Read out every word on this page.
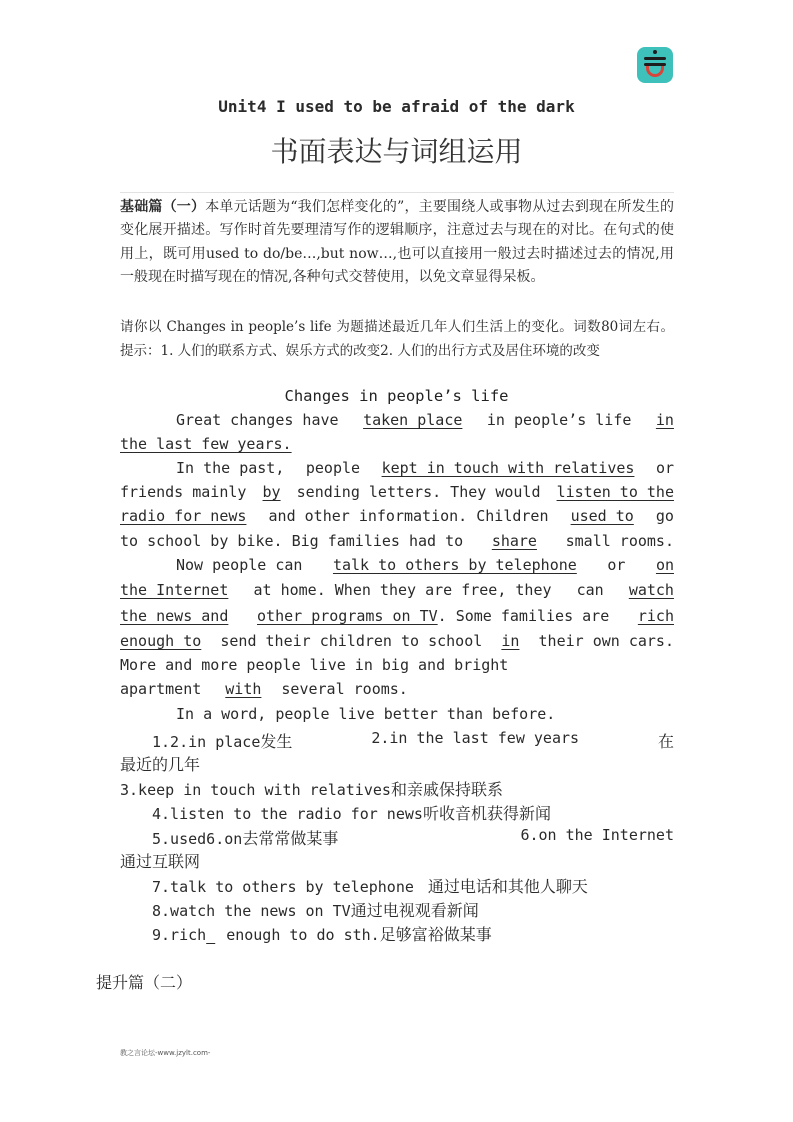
Unit4 I used to be afraid of the dark
书面表达与词组运用
基础篇（一）本单元话题为“我们怎样变化的”，主要围绕人或事物从过去到现在所发生的变化展开描述。写作时首先要理清写作的逻辑顺序，注意过去与现在的对比。在句式的使用上，既可用used to do/be…,but now…,也可以直接用一般过去时描述过去的情况,用一般现在时描写现在的情况,各种句式交替使用，以免文章显得呆板。
请你以 Changes in people’s life 为题描述最近几年人们生活上的变化。词数80词左右。提示：1. 人们的联系方式、娱乐方式的改变2. 人们的出行方式及居住环境的改变
Changes in people’s life
Great changes have taken place in people’s life in
the last few years.
In the past, people kept in touch with relatives or
friends mainly by sending letters. They would listen to the
radio for news and other information. Children used to go
to school by bike. Big families had to share small rooms.
Now people can talk to others by telephone or on
the Internet at home. When they are free, they can watch
the news and other programs on TV. Some families are rich
enough to send their children to school in their own cars.
More and more people live in big and bright
apartment with several rooms.
In a word, people live better than before.
1.2.in place发生	2.in the last few years	在
最近的几年
3.keep in touch with relatives和亲戚保持联系
4.listen to the radio for news听收音机获得新闻
5.used6.on去常常做某事	6.on the Internet
通过互联网
7.talk to others by telephone 通过电话和其他人聊天
8.watch the news on TV通过电视观看新闻
9.rich enough to do sth.足够富裕做某事
提升篇（二）
教之言论坛-www.jzylt.com-
